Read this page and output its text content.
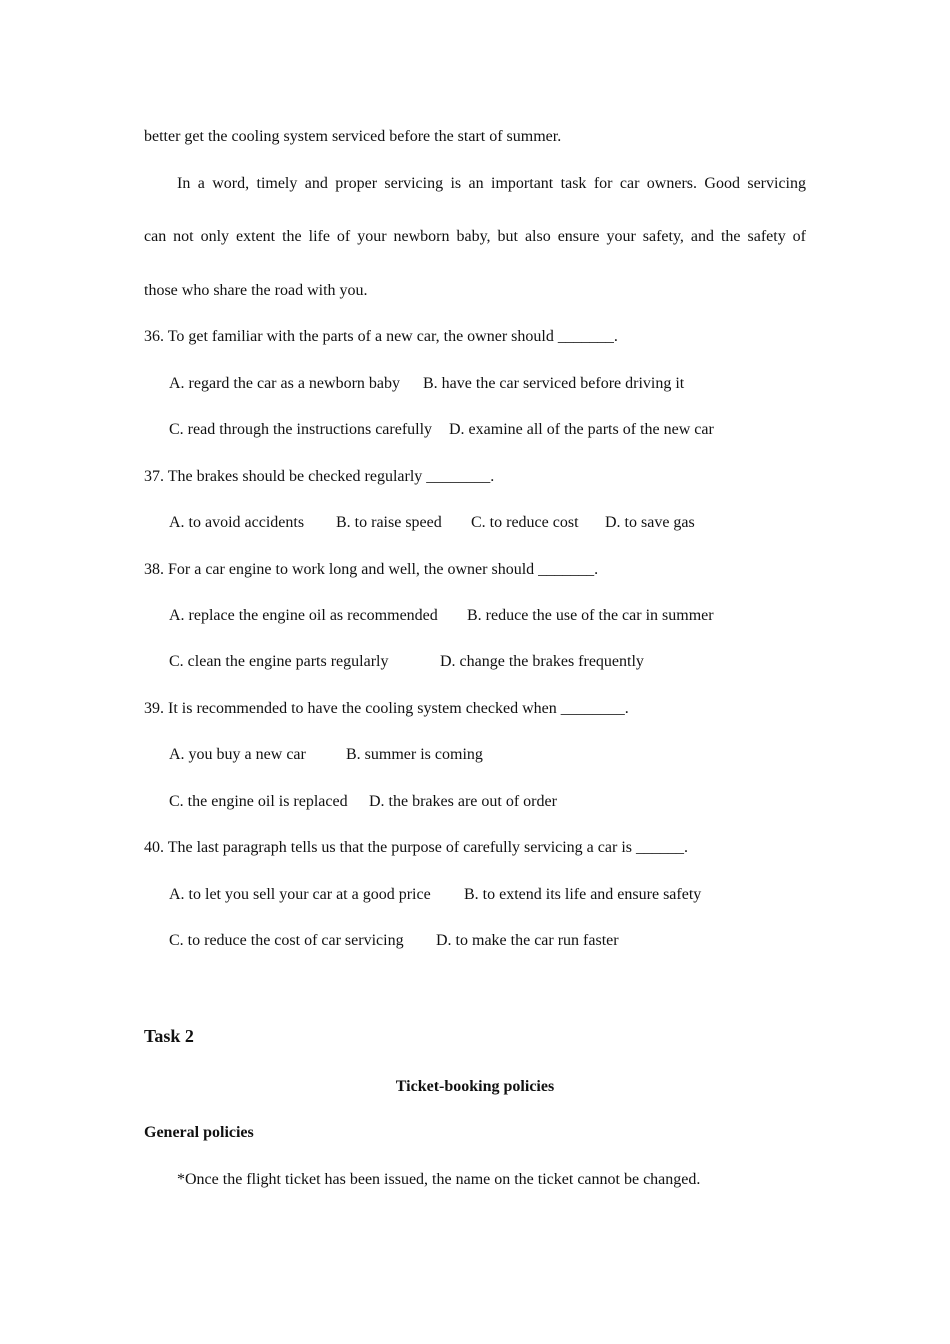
better get the cooling system serviced before the start of summer.
In a word, timely and proper servicing is an important task for car owners. Good servicing
can not only extent the life of your newborn baby, but also ensure your safety, and the safety of
those who share the road with you.
36. To get familiar with the parts of a new car, the owner should _______.
A. regard the car as a newborn baby B. have the car serviced before driving it
C. read through the instructions carefully D. examine all of the parts of the new car
37. The brakes should be checked regularly ________.
A. to avoid accidents B. to raise speed C. to reduce cost D. to save gas
38. For a car engine to work long and well, the owner should _______.
A. replace the engine oil as recommended B. reduce the use of the car in summer
C. clean the engine parts regularly	D. change the brakes frequently
39. It is recommended to have the cooling system checked when ________.
A. you buy a new car	B. summer is coming
C. the engine oil is replaced D. the brakes are out of order
40. The last paragraph tells us that the purpose of carefully servicing a car is ______.
A. to let you sell your car at a good price B. to extend its life and ensure safety
C. to reduce the cost of car servicing D. to make the car run faster
Task 2
Ticket-booking policies
General policies
*Once the flight ticket has been issued, the name on the ticket cannot be changed.
